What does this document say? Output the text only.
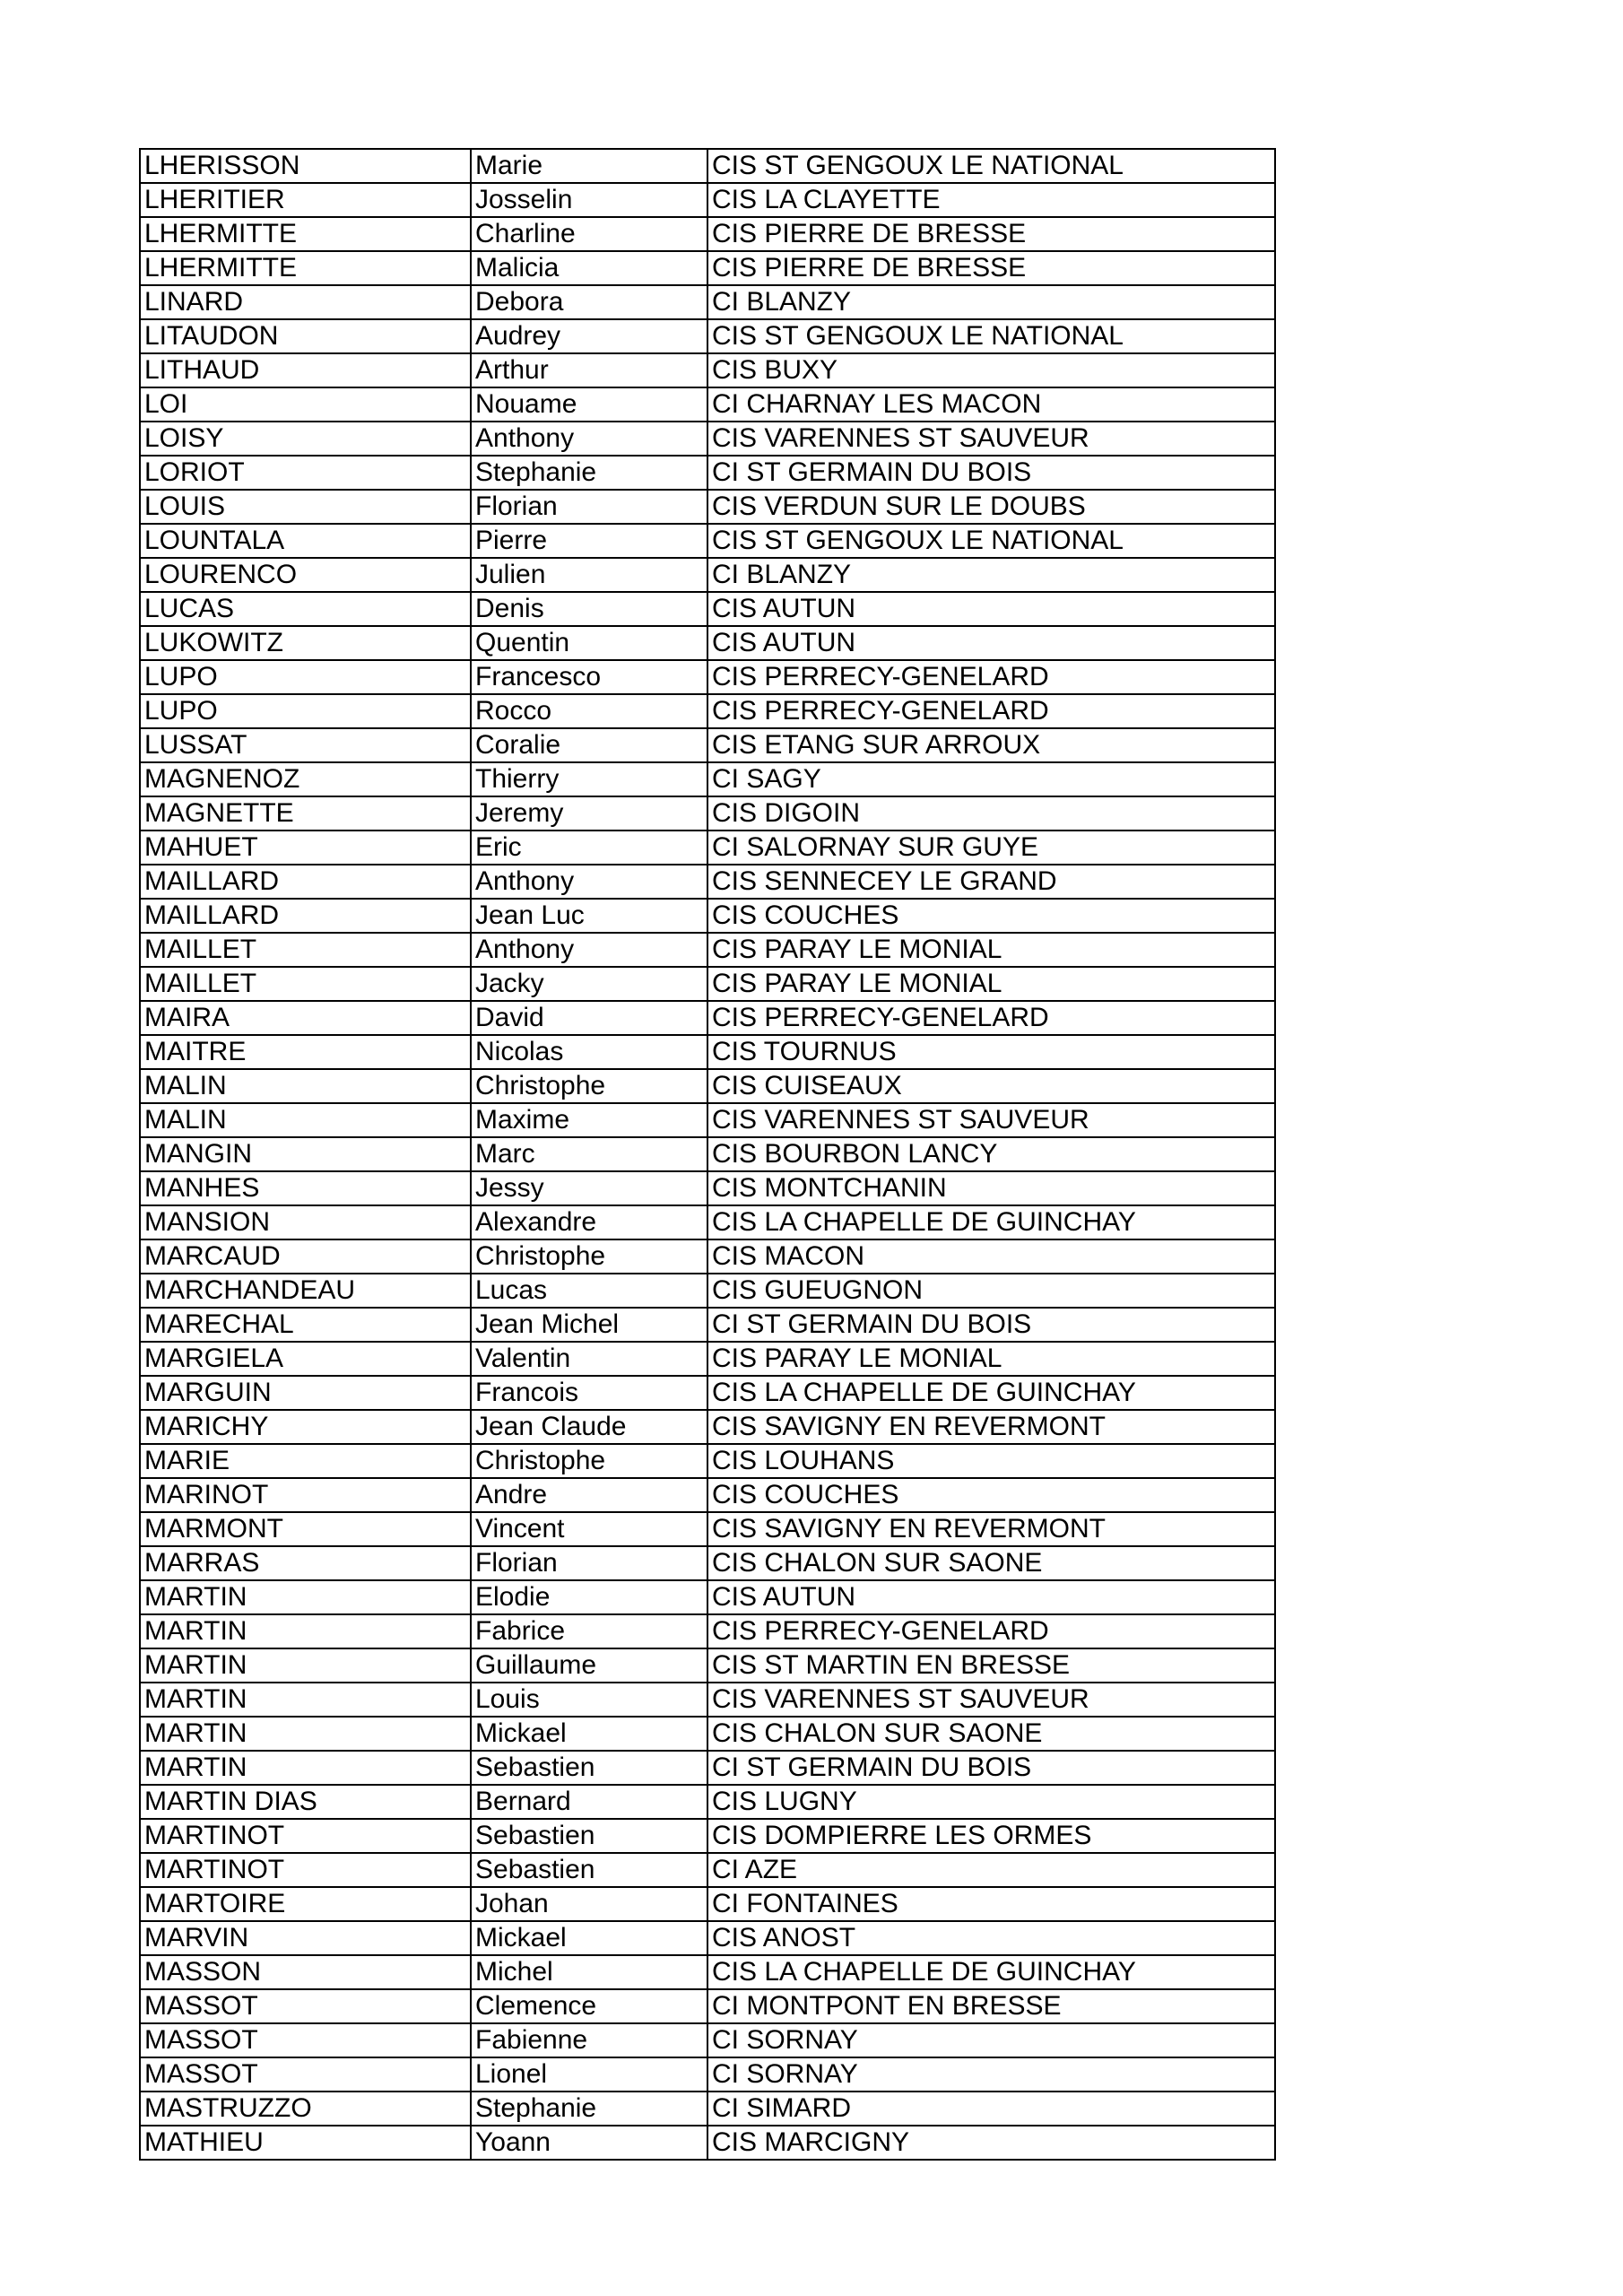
LHERISSON	Marie	CIS ST GENGOUX LE NATIONAL
LHERITIER	Josselin	CIS LA CLAYETTE
LHERMITTE	Charline	CIS PIERRE DE BRESSE
LHERMITTE	Malicia	CIS PIERRE DE BRESSE
LINARD	Debora	CI BLANZY
LITAUDON	Audrey	CIS ST GENGOUX LE NATIONAL
LITHAUD	Arthur	CIS BUXY
LOI	Nouame	CI CHARNAY LES MACON
LOISY	Anthony	CIS VARENNES ST SAUVEUR
LORIOT	Stephanie	CI ST GERMAIN DU BOIS
LOUIS	Florian	CIS VERDUN SUR LE DOUBS
LOUNTALA	Pierre	CIS ST GENGOUX LE NATIONAL
LOURENCO	Julien	CI BLANZY
LUCAS	Denis	CIS AUTUN
LUKOWITZ	Quentin	CIS AUTUN
LUPO	Francesco	CIS PERRECY-GENELARD
LUPO	Rocco	CIS PERRECY-GENELARD
LUSSAT	Coralie	CIS ETANG SUR ARROUX
MAGNENOZ	Thierry	CI SAGY
MAGNETTE	Jeremy	CIS DIGOIN
MAHUET	Eric	CI SALORNAY SUR GUYE
MAILLARD	Anthony	CIS SENNECEY LE GRAND
MAILLARD	Jean Luc	CIS COUCHES
MAILLET	Anthony	CIS PARAY LE MONIAL
MAILLET	Jacky	CIS PARAY LE MONIAL
MAIRA	David	CIS PERRECY-GENELARD
MAITRE	Nicolas	CIS TOURNUS
MALIN	Christophe	CIS CUISEAUX
MALIN	Maxime	CIS VARENNES ST SAUVEUR
MANGIN	Marc	CIS BOURBON LANCY
MANHES	Jessy	CIS MONTCHANIN
MANSION	Alexandre	CIS LA CHAPELLE DE GUINCHAY
MARCAUD	Christophe	CIS MACON
MARCHANDEAU	Lucas	CIS GUEUGNON
MARECHAL	Jean Michel	CI ST GERMAIN DU BOIS
MARGIELA	Valentin	CIS PARAY LE MONIAL
MARGUIN	Francois	CIS LA CHAPELLE DE GUINCHAY
MARICHY	Jean Claude	CIS SAVIGNY EN REVERMONT
MARIE	Christophe	CIS LOUHANS
MARINOT	Andre	CIS COUCHES
MARMONT	Vincent	CIS SAVIGNY EN REVERMONT
MARRAS	Florian	CIS CHALON SUR SAONE
MARTIN	Elodie	CIS AUTUN
MARTIN	Fabrice	CIS PERRECY-GENELARD
MARTIN	Guillaume	CIS ST MARTIN EN BRESSE
MARTIN	Louis	CIS VARENNES ST SAUVEUR
MARTIN	Mickael	CIS CHALON SUR SAONE
MARTIN	Sebastien	CI ST GERMAIN DU BOIS
MARTIN DIAS	Bernard	CIS LUGNY
MARTINOT	Sebastien	CIS DOMPIERRE LES ORMES
MARTINOT	Sebastien	CI AZE
MARTOIRE	Johan	CI FONTAINES
MARVIN	Mickael	CIS ANOST
MASSON	Michel	CIS LA CHAPELLE DE GUINCHAY
MASSOT	Clemence	CI MONTPONT EN BRESSE
MASSOT	Fabienne	CI SORNAY
MASSOT	Lionel	CI SORNAY
MASTRUZZO	Stephanie	CI SIMARD
MATHIEU	Yoann	CIS MARCIGNY
